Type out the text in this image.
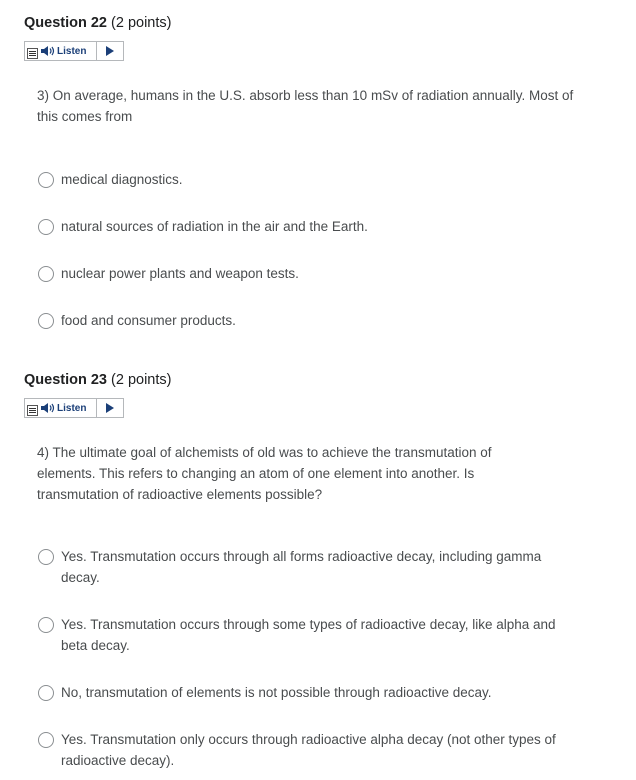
Question 22 (2 points)
Listen
3) On average, humans in the U.S. absorb less than 10 mSv of radiation annually. Most of this comes from
medical diagnostics.
natural sources of radiation in the air and the Earth.
nuclear power plants and weapon tests.
food and consumer products.
Question 23 (2 points)
Listen
4) The ultimate goal of alchemists of old was to achieve the transmutation of elements. This refers to changing an atom of one element into another. Is transmutation of radioactive elements possible?
Yes. Transmutation occurs through all forms radioactive decay, including gamma decay.
Yes. Transmutation occurs through some types of radioactive decay, like alpha and beta decay.
No, transmutation of elements is not possible through radioactive decay.
Yes. Transmutation only occurs through radioactive alpha decay (not other types of radioactive decay).
